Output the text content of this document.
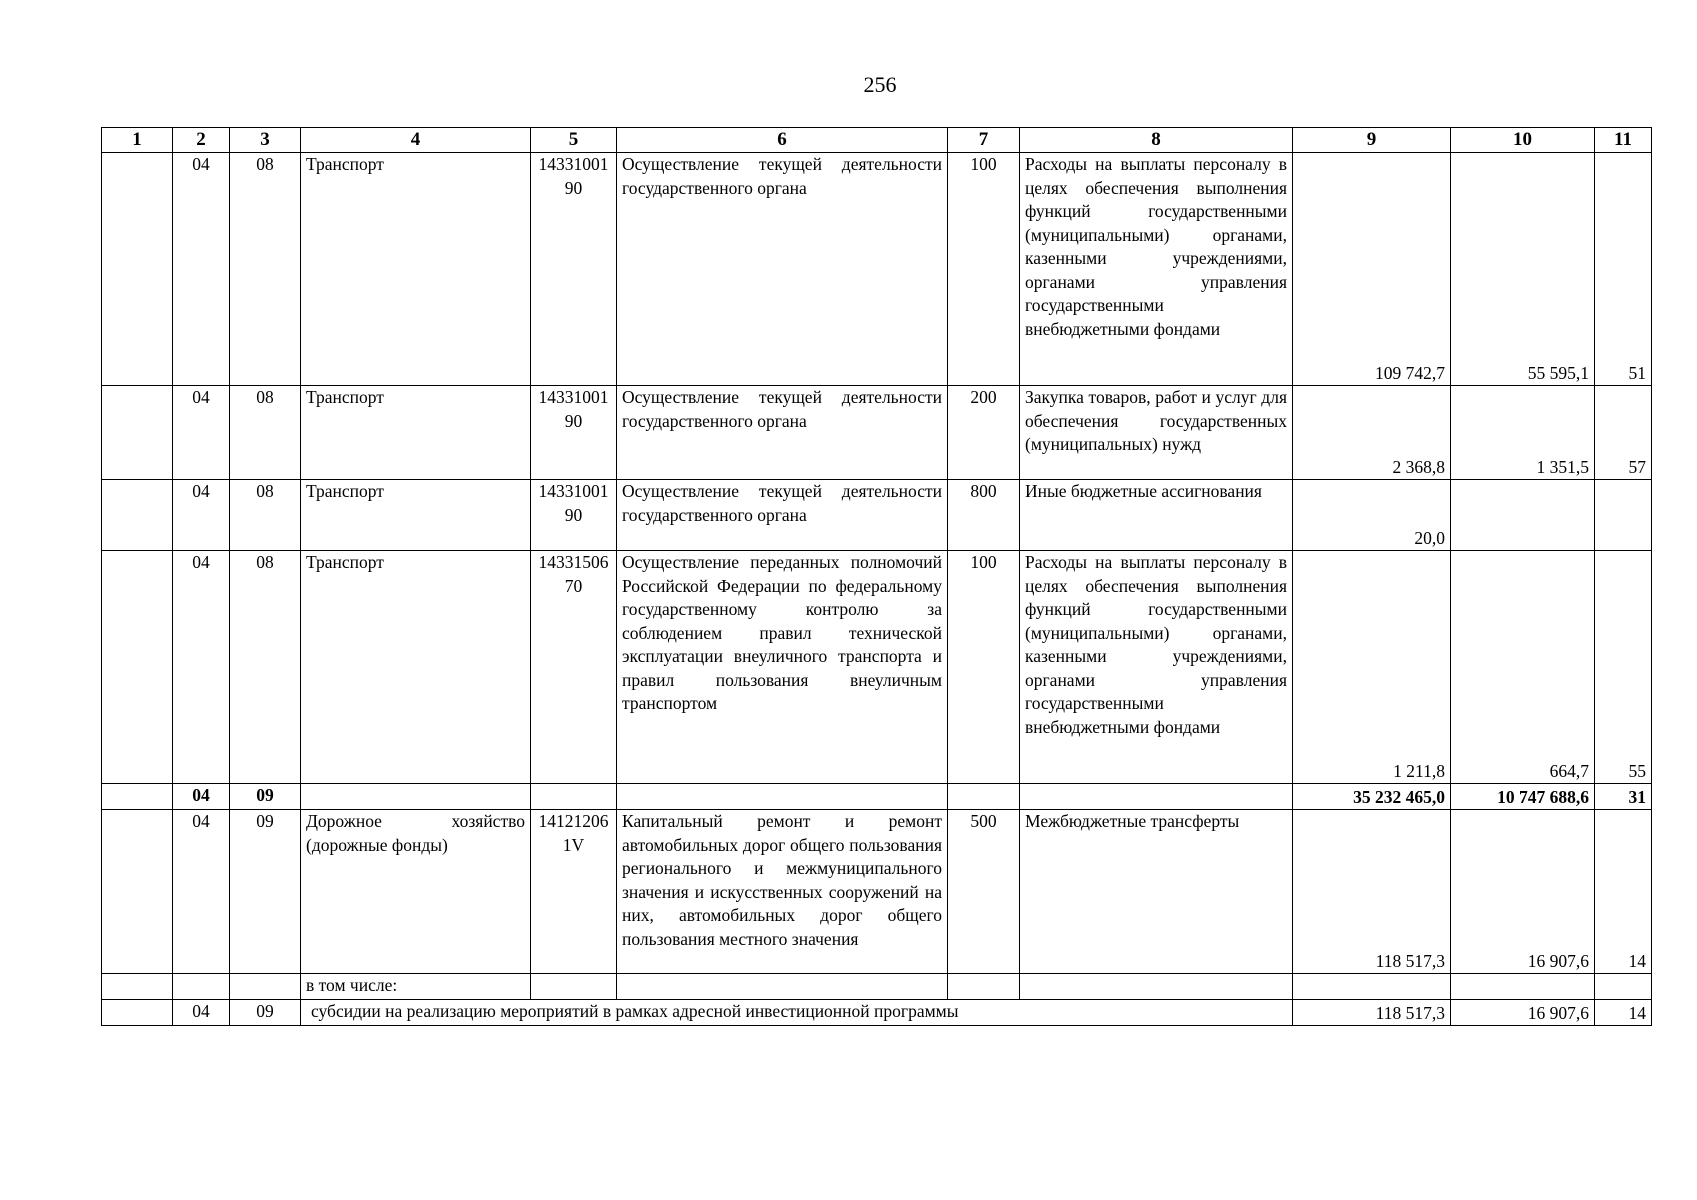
256
1	2	3	4	5	6	7	8	9	10	11
	04	08	Транспорт	1433100190	Осуществление текущей деятельности государственного органа	100	Расходы на выплаты персоналу в целях обеспечения выполнения функций государственными (муниципальными) органами, казенными учреждениями, органами управления государственными внебюджетными фондами	109 742,7	55 595,1	51
	04	08	Транспорт	1433100190	Осуществление текущей деятельности государственного органа	200	Закупка товаров, работ и услуг для обеспечения государственных (муниципальных) нужд	2 368,8	1 351,5	57
	04	08	Транспорт	1433100190	Осуществление текущей деятельности государственного органа	800	Иные бюджетные ассигнования	20,0		
	04	08	Транспорт	1433150670	Осуществление переданных полномочий Российской Федерации по федеральному государственному контролю за соблюдением правил технической эксплуатации внеуличного транспорта и правил пользования внеуличным транспортом	100	Расходы на выплаты персоналу в целях обеспечения выполнения функций государственными (муниципальными) органами, казенными учреждениями, органами управления государственными внебюджетными фондами	1 211,8	664,7	55
	04	09						35 232 465,0	10 747 688,6	31
	04	09	Дорожное хозяйство (дорожные фонды)	141212061V	Капитальный ремонт и ремонт автомобильных дорог общего пользования регионального и межмуниципального значения и искусственных сооружений на них, автомобильных дорог общего пользования местного значения	500	Межбюджетные трансферты	118 517,3	16 907,6	14
			в том числе:							
	04	09	субсидии на реализацию мероприятий в рамках адресной инвестиционной программы					118 517,3	16 907,6	14
